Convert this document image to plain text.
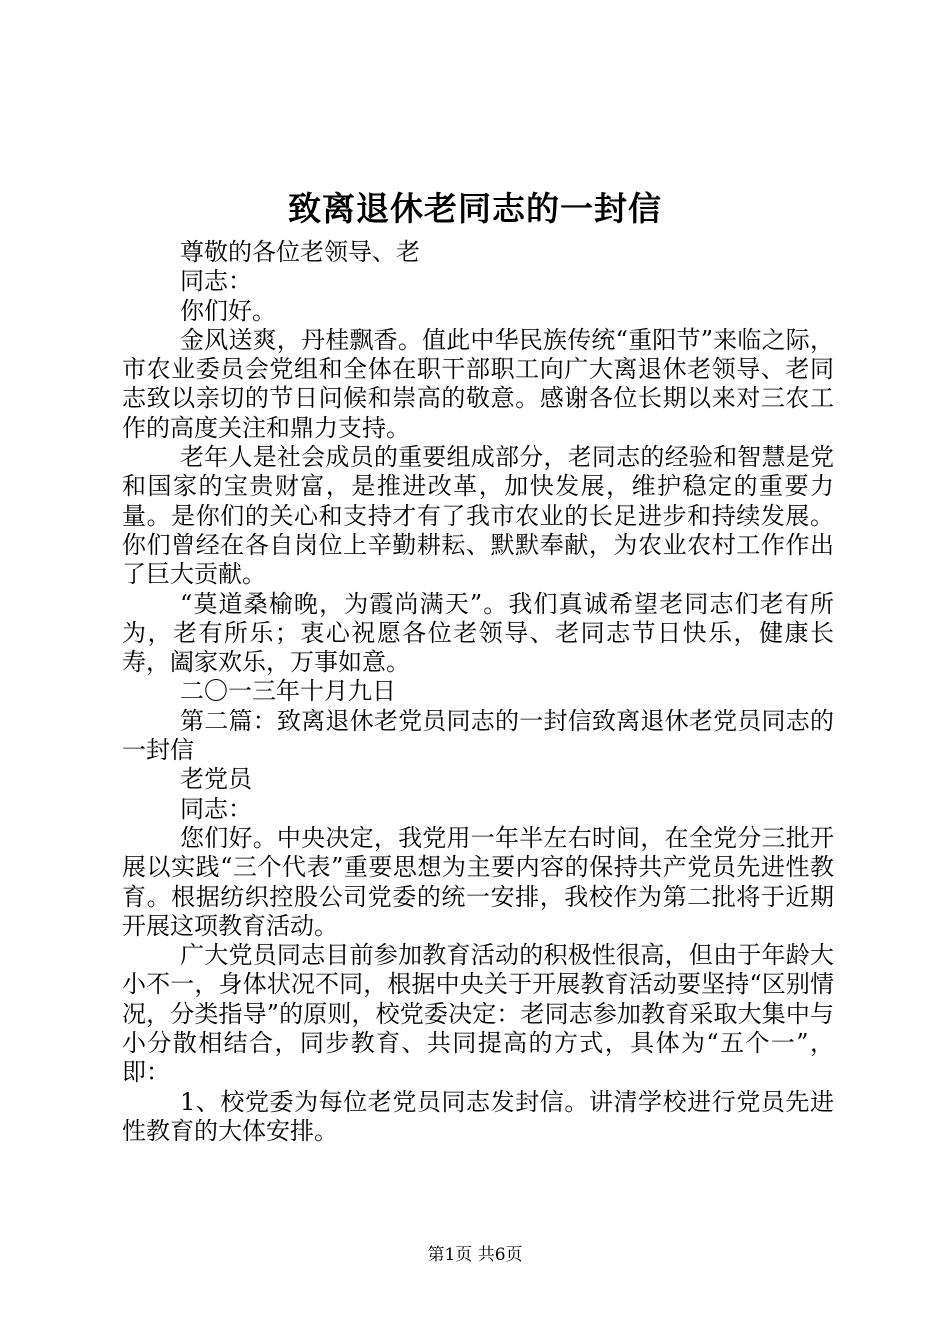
致离退休老同志的一封信

尊敬的各位老领导、老

同志：

你们好。

金风送爽，丹桂飘香。值此中华民族传统“重阳节”来临之际，市农业委员会党组和全体在职干部职工向广大离退休老领导、老同志致以亲切的节日问候和崇高的敬意。感谢各位长期以来对三农工作的高度关注和鼎力支持。

老年人是社会成员的重要组成部分，老同志的经验和智慧是党和国家的宝贵财富，是推进改革，加快发展，维护稳定的重要力量。是你们的关心和支持才有了我市农业的长足进步和持续发展。你们曾经在各自岗位上辛勤耕耘、默默奉献，为农业农村工作作出了巨大贡献。

“莫道桑榆晚，为霞尚满天”。我们真诚希望老同志们老有所为，老有所乐；衷心祝愿各位老领导、老同志节日快乐，健康长寿，阖家欢乐，万事如意。

二〇一三年十月九日

第二篇：致离退休老党员同志的一封信致离退休老党员同志的一封信

老党员

同志：

您们好。中央决定，我党用一年半左右时间，在全党分三批开展以实践“三个代表”重要思想为主要内容的保持共产党员先进性教育。根据纺织控股公司党委的统一安排，我校作为第二批将于近期开展这项教育活动。

广大党员同志目前参加教育活动的积极性很高，但由于年龄大小不一，身体状况不同，根据中央关于开展教育活动要坚持“区别情况，分类指导”的原则，校党委决定：老同志参加教育采取大集中与小分散相结合，同步教育、共同提高的方式，具体为“五个一”，即：

1、校党委为每位老党员同志发封信。讲清学校进行党员先进性教育的大体安排。

第1页 共6页
